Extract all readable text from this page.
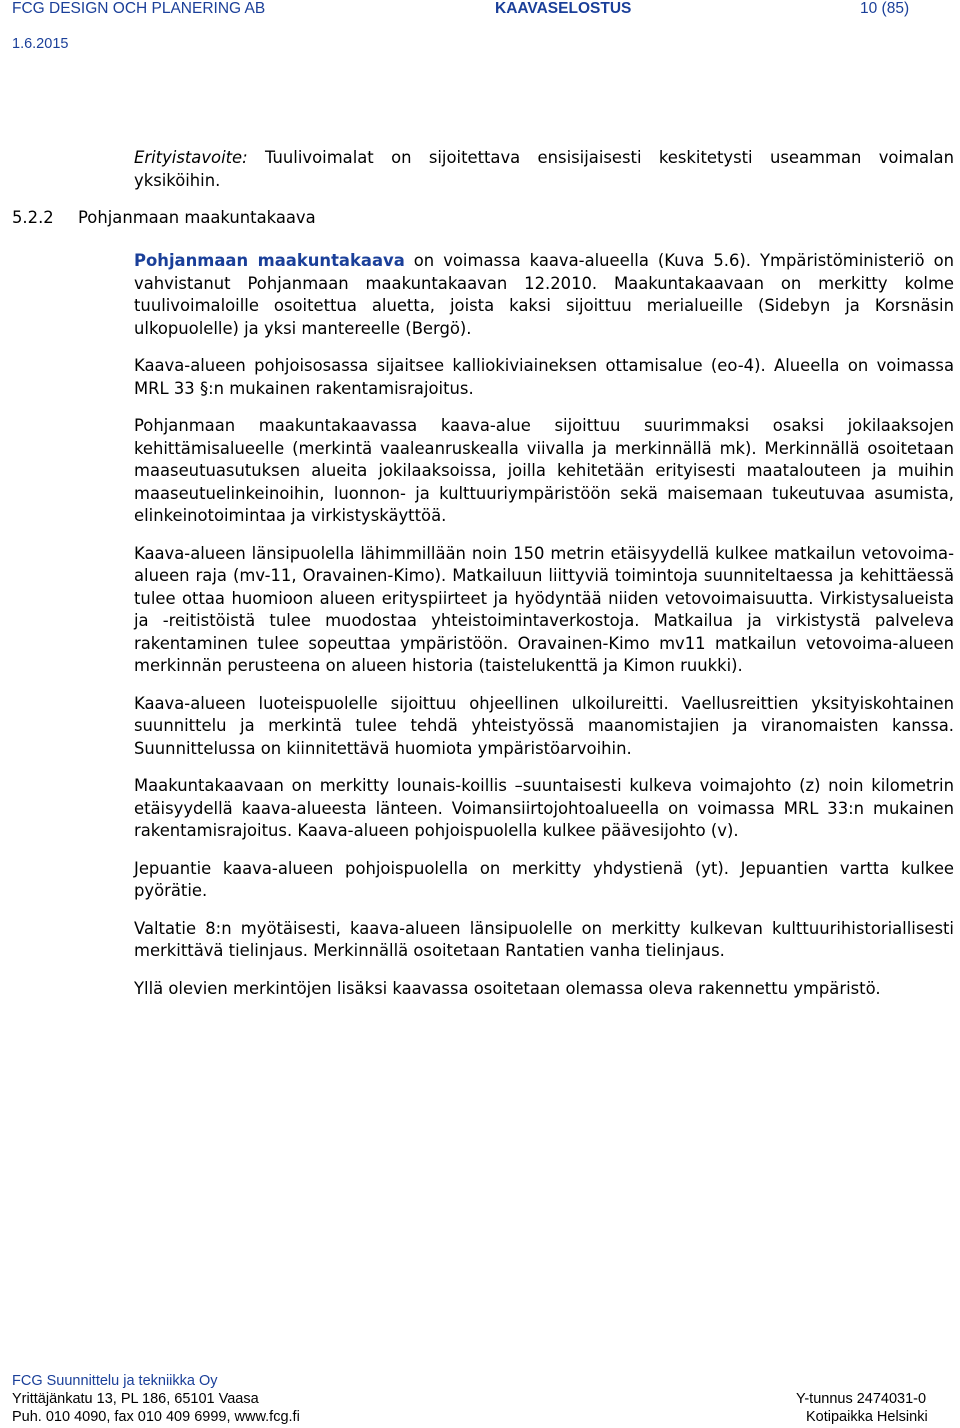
FCG DESIGN OCH PLANERING AB	KAAVASELOSTUS	10 (85)
1.6.2015

Erityistavoite: Tuulivoimalat on sijoitettava ensisijaisesti keskitetysti useamman voimalan yksiköihin.

5.2.2 Pohjanmaan maakuntakaava

Pohjanmaan maakuntakaava on voimassa kaava-alueella (Kuva 5.6). Ympäristöministeriö on vahvistanut Pohjanmaan maakuntakaavan 12.2010. Maakuntakaavaan on merkitty kolme tuulivoimaloille osoitettua aluetta, joista kaksi sijoittuu merialueille (Sidebyn ja Korsnäsin ulkopuolelle) ja yksi mantereelle (Bergö).

Kaava-alueen pohjoisosassa sijaitsee kalliokiviaineksen ottamisalue (eo-4). Alueella on voimassa MRL 33 §:n mukainen rakentamisrajoitus.

Pohjanmaan maakuntakaavassa kaava-alue sijoittuu suurimmaksi osaksi jokilaaksojen kehittämisalueelle (merkintä vaaleanruskealla viivalla ja merkinnällä mk). Merkinnällä osoitetaan maaseutuasutuksen alueita jokilaaksoissa, joilla kehitetään erityisesti maatalouteen ja muihin maaseutuelinkeinoihin, luonnon- ja kulttuuriympäristöön sekä maisemaan tukeutuvaa asumista, elinkeinotoimintaa ja virkistyskäyttöä.

Kaava-alueen länsipuolella lähimmillään noin 150 metrin etäisyydellä kulkee matkailun vetovoima-alueen raja (mv-11, Oravainen-Kimo). Matkailuun liittyviä toimintoja suunniteltaessa ja kehittäessä tulee ottaa huomioon alueen erityspiirteet ja hyödyntää niiden vetovoimaisuutta. Virkistysalueista ja -reitistöistä tulee muodostaa yhteistoimintaverkostoja. Matkailua ja virkistystä palveleva rakentaminen tulee sopeuttaa ympäristöön. Oravainen-Kimo mv11 matkailun vetovoima-alueen merkinnän perusteena on alueen historia (taistelukenttä ja Kimon ruukki).

Kaava-alueen luoteispuolelle sijoittuu ohjeellinen ulkoilureitti. Vaellusreittien yksityiskohtainen suunnittelu ja merkintä tulee tehdä yhteistyössä maanomistajien ja viranomaisten kanssa. Suunnittelussa on kiinnitettävä huomiota ympäristöarvoihin.

Maakuntakaavaan on merkitty lounais-koillis –suuntaisesti kulkeva voimajohto (z) noin kilometrin etäisyydellä kaava-alueesta länteen. Voimansiirtojohtoalueella on voimassa MRL 33:n mukainen rakentamisrajoitus. Kaava-alueen pohjoispuolella kulkee päävesijohto (v).

Jepuantie kaava-alueen pohjoispuolella on merkitty yhdystienä (yt). Jepuantien vartta kulkee pyörätie.

Valtatie 8:n myötäisesti, kaava-alueen länsipuolelle on merkitty kulkevan kulttuurihistoriallisesti merkittävä tielinjaus. Merkinnällä osoitetaan Rantatien vanha tielinjaus.

Yllä olevien merkintöjen lisäksi kaavassa osoitetaan olemassa oleva rakennettu ympäristö.

FCG Suunnittelu ja tekniikka Oy
Yrittäjänkatu 13, PL 186, 65101 Vaasa
Puh. 010 4090, fax 010 409 6999, www.fcg.fi
Y-tunnus 2474031-0
Kotipaikka Helsinki
